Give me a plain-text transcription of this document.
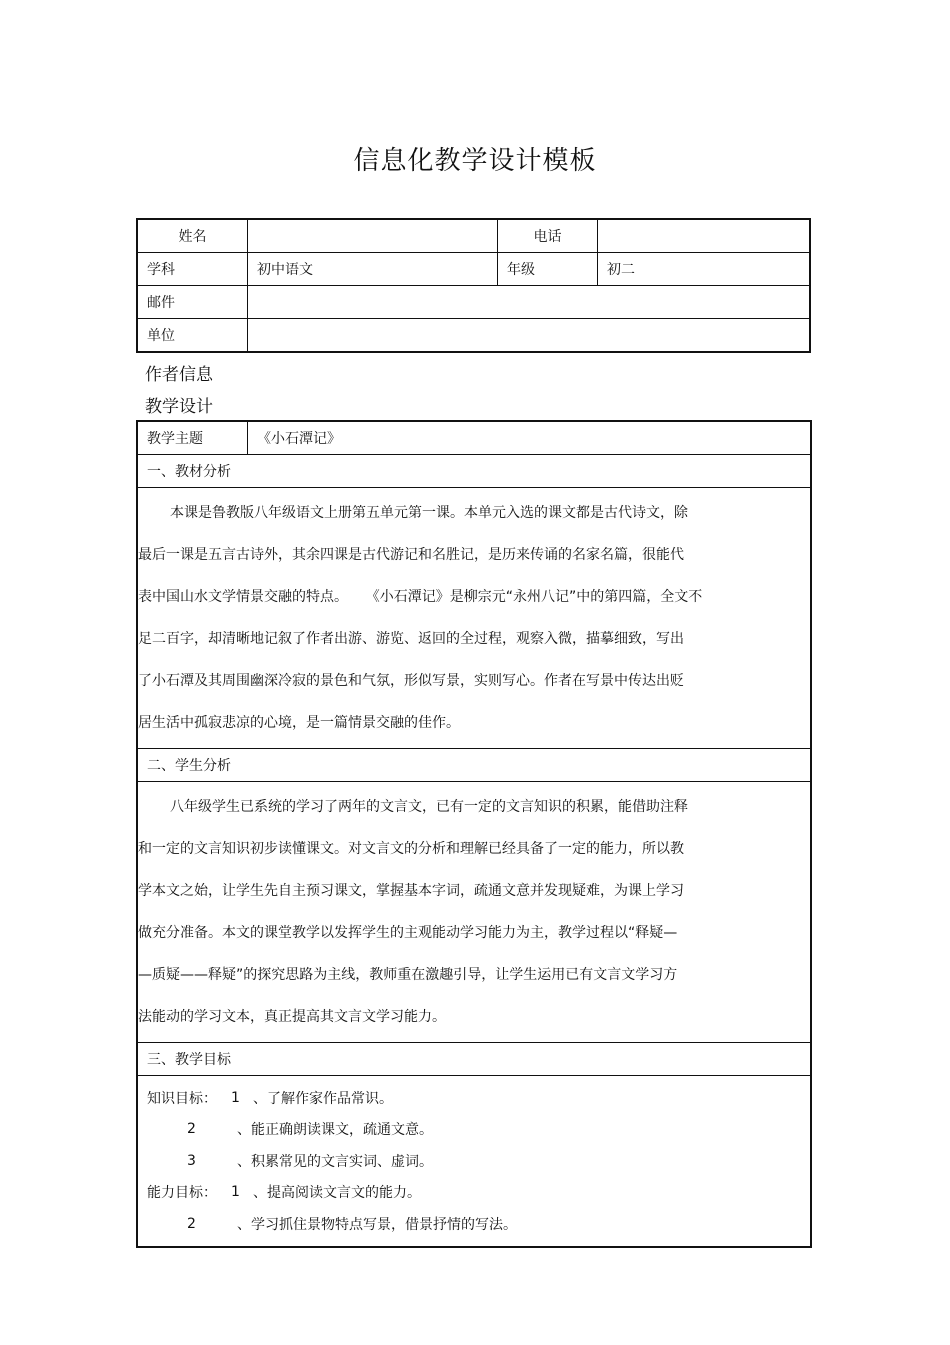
信息化教学设计模板
姓名		电话	
学科	初中语文	年级	初二
邮件			
单位			
作者信息
教学设计
教学主题	《小石潭记》
一、教材分析

本课是鲁教版八年级语文上册第五单元第一课。本单元入选的课文都是古代诗文，除
最后一课是五言古诗外，其余四课是古代游记和名胜记，是历来传诵的名家名篇，很能代
表中国山水文学情景交融的特点。    《小石潭记》是柳宗元“永州八记”中的第四篇，全文不
足二百字，却清晰地记叙了作者出游、游览、返回的全过程，观察入微，描摹细致，写出
了小石潭及其周围幽深冷寂的景色和气氛，形似写景，实则写心。作者在写景中传达出贬
居生活中孤寂悲凉的心境，是一篇情景交融的佳作。

二、学生分析

八年级学生已系统的学习了两年的文言文，已有一定的文言知识的积累，能借助注释
和一定的文言知识初步读懂课文。对文言文的分析和理解已经具备了一定的能力，所以教
学本文之始，让学生先自主预习课文，掌握基本字词，疏通文意并发现疑难，为课上学习
做充分准备。本文的课堂教学以发挥学生的主观能动学习能力为主，教学过程以“释疑—
—质疑——释疑”的探究思路为主线，教师重在激趣引导，让学生运用已有文言文学习方
法能动的学习文本，真正提高其文言文学习能力。

三、教学目标

知识目标：	1 、了解作家作品常识。
2	、能正确朗读课文，疏通文意。
3	、积累常见的文言实词、虚词。
能力目标：	1 、提高阅读文言文的能力。
2	、学习抓住景物特点写景，借景抒情的写法。
